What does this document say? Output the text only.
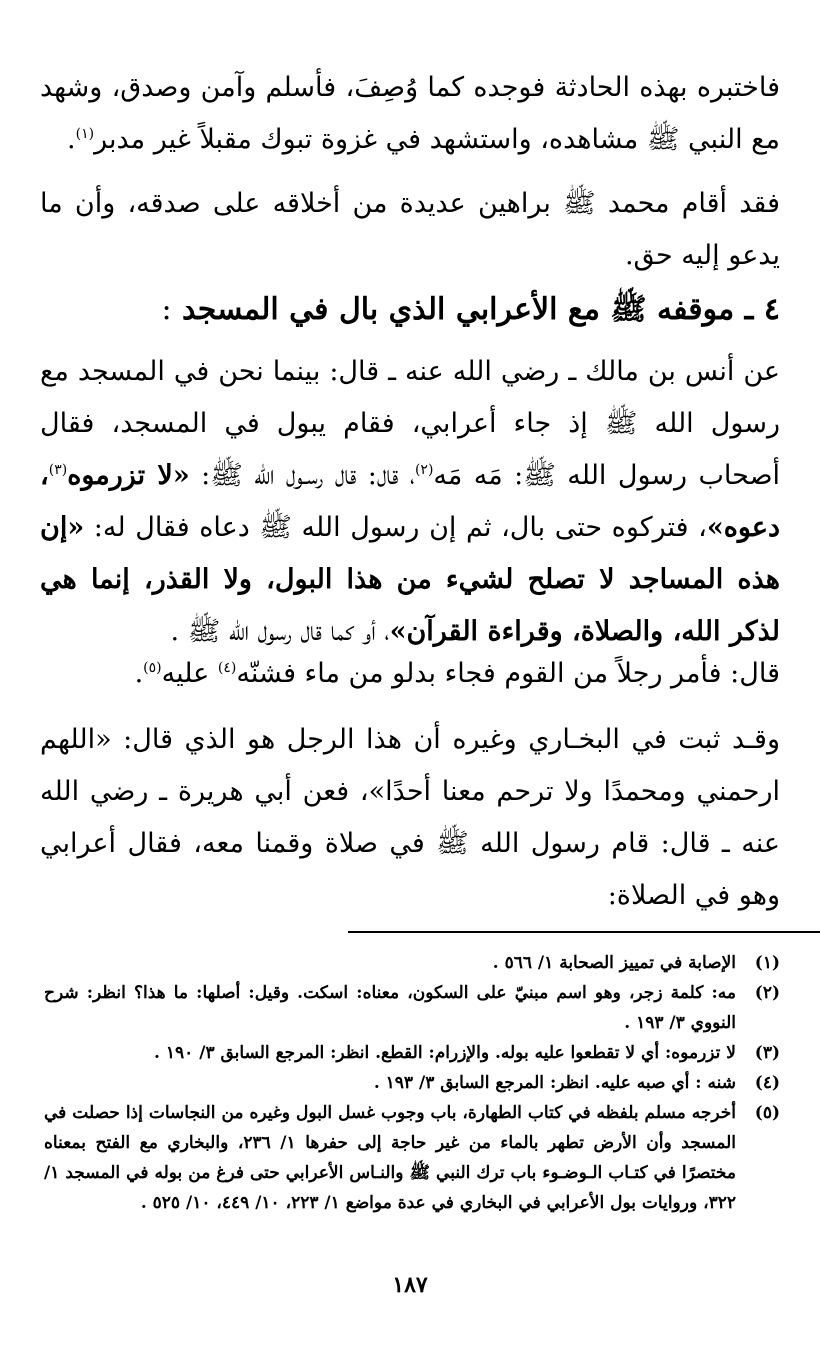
فاختبره بهذه الحادثة فوجده كما وُصِفَ، فأسلم وآمن وصدق، وشهد مع النبي ﷺ مشاهده، واستشهد في غزوة تبوك مقبلاً غير مدبر$^{(١)}$.

فقد أقام محمد ﷺ براهين عديدة من أخلاقه على صدقه، وأن ما يدعو إليه حق.

٤ ـ موقفه ﷺ مع الأعرابي الذي بال في المسجد :

عن أنس بن مالك ـ رضي الله عنه ـ قال: بينما نحن في المسجد مع رسول الله ﷺ إذ جاء أعرابي، فقام يبول في المسجد، فقال أصحاب رسول الله ﷺ: مَه مَه$^{(٢)}$، قال: قال رسـول الله ﷺ: «لا تزرموه$^{(٣)}$، دعوه»، فتركوه حتى بال، ثم إن رسول الله ﷺ دعاه فقال له: «إن هذه المساجد لا تصلح لشيء من هذا البول، ولا القذر، إنما هي لذكر الله، والصلاة، وقراءة القرآن»، أو كما قال رسول الله ﷺ .

قال: فأمر رجلاً من القوم فجاء بدلو من ماء فشنّه$^{(٤)}$ عليه$^{(٥)}$.

وقـد ثبت في البخـاري وغيره أن هذا الرجل هو الذي قال: «اللهم ارحمني ومحمدًا ولا ترحم معنا أحدًا»، فعن أبي هريرة ـ رضي الله عنه ـ قال: قام رسول الله ﷺ في صلاة وقمنا معه، فقال أعرابي وهو في الصلاة:

(١)
الإصابة في تمييز الصحابة ١/ ٥٦٦ .
(٢)
مه: كلمة زجر، وهو اسم مبنيّ على السكون، معناه: اسكت. وقيل: أصلها: ما هذا؟ انظر: شرح النووي ٣/ ١٩٣ .
(٣)
لا تزرموه: أي لا تقطعوا عليه بوله. والإزرام: القطع. انظر: المرجع السابق ٣/ ١٩٠ .
(٤)
شنه : أي صبه عليه. انظر: المرجع السابق ٣/ ١٩٣ .
(٥)
أخرجه مسلم بلفظه في كتاب الطهارة، باب وجوب غسل البول وغيره من النجاسات إذا حصلت في المسجد وأن الأرض تطهر بالماء من غير حاجة إلى حفرها ١/ ٢٣٦، والبخاري مع الفتح بمعناه مختصرًا في كتـاب الـوضـوء باب ترك النبي ﷺ والنـاس الأعرابي حتى فرغ من بوله في المسجد ١/ ٣٢٢، وروايات بول الأعرابي في البخاري في عدة مواضع ١/ ٢٢٣، ١٠/ ٤٤٩، ١٠/ ٥٢٥ .
١٨٧
